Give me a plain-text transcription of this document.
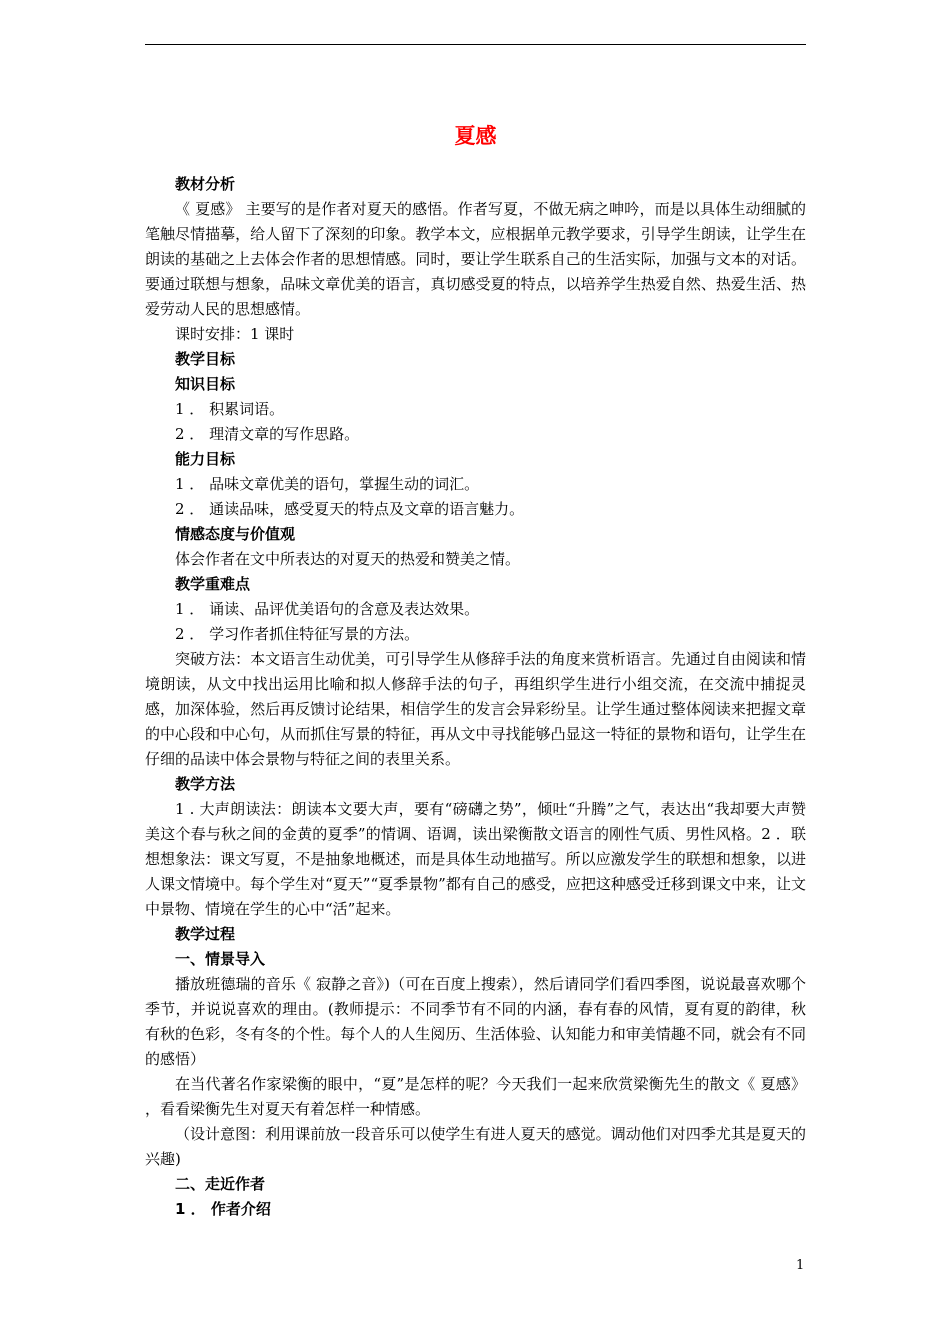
夏感
教材分析
《 夏感》 主要写的是作者对夏天的感悟。作者写夏，不做无病之呻吟，而是以具体生动细腻的笔触尽情描摹，给人留下了深刻的印象。教学本文，应根据单元教学要求，引导学生朗读，让学生在朗读的基础之上去体会作者的思想情感。同时，要让学生联系自己的生活实际，加强与文本的对话。要通过联想与想象，品味文章优美的语言，真切感受夏的特点，以培养学生热爱自然、热爱生活、热爱劳动人民的思想感情。
课时安排：1 课时
教学目标
知识目标
1 ． 积累词语。
2 ． 理清文章的写作思路。
能力目标
1 ． 品味文章优美的语句，掌握生动的词汇。
2 ． 通读品味，感受夏天的特点及文章的语言魅力。
情感态度与价值观
体会作者在文中所表达的对夏天的热爱和赞美之情。
教学重难点
1 ． 诵读、品评优美语句的含意及表达效果。
2 ． 学习作者抓住特征写景的方法。
突破方法：本文语言生动优美，可引导学生从修辞手法的角度来赏析语言。先通过自由阅读和情境朗读，从文中找出运用比喻和拟人修辞手法的句子，再组织学生进行小组交流，在交流中捕捉灵感，加深体验，然后再反馈讨论结果，相信学生的发言会异彩纷呈。让学生通过整体阅读来把握文章的中心段和中心句，从而抓住写景的特征，再从文中寻找能够凸显这一特征的景物和语句，让学生在仔细的品读中体会景物与特征之间的表里关系。
教学方法
1 . 大声朗读法：朗读本文要大声，要有“磅礴之势”，倾吐“升腾”之气，表达出“我却要大声赞美这个春与秋之间的金黄的夏季”的情调、语调，读出梁衡散文语言的刚性气质、男性风格。2 ．联想想象法：课文写夏，不是抽象地概述，而是具体生动地描写。所以应激发学生的联想和想象，以进人课文情境中。每个学生对“夏天”“夏季景物”都有自己的感受，应把这种感受迁移到课文中来，让文中景物、情境在学生的心中“活”起来。
教学过程
一、情景导入
播放班德瑞的音乐《 寂静之音》)（可在百度上搜索），然后请同学们看四季图，说说最喜欢哪个季节，并说说喜欢的理由。(教师提示：不同季节有不同的内涵，春有春的风情，夏有夏的韵律，秋有秋的色彩，冬有冬的个性。每个人的人生阅历、生活体验、认知能力和审美情趣不同，就会有不同的感悟）
在当代著名作家梁衡的眼中，“夏”是怎样的呢？今天我们一起来欣赏梁衡先生的散文《 夏感》 ，看看梁衡先生对夏天有着怎样一种情感。
（设计意图：利用课前放一段音乐可以使学生有进人夏天的感觉。调动他们对四季尤其是夏天的兴趣)
二、走近作者
1 ． 作者介绍
1
